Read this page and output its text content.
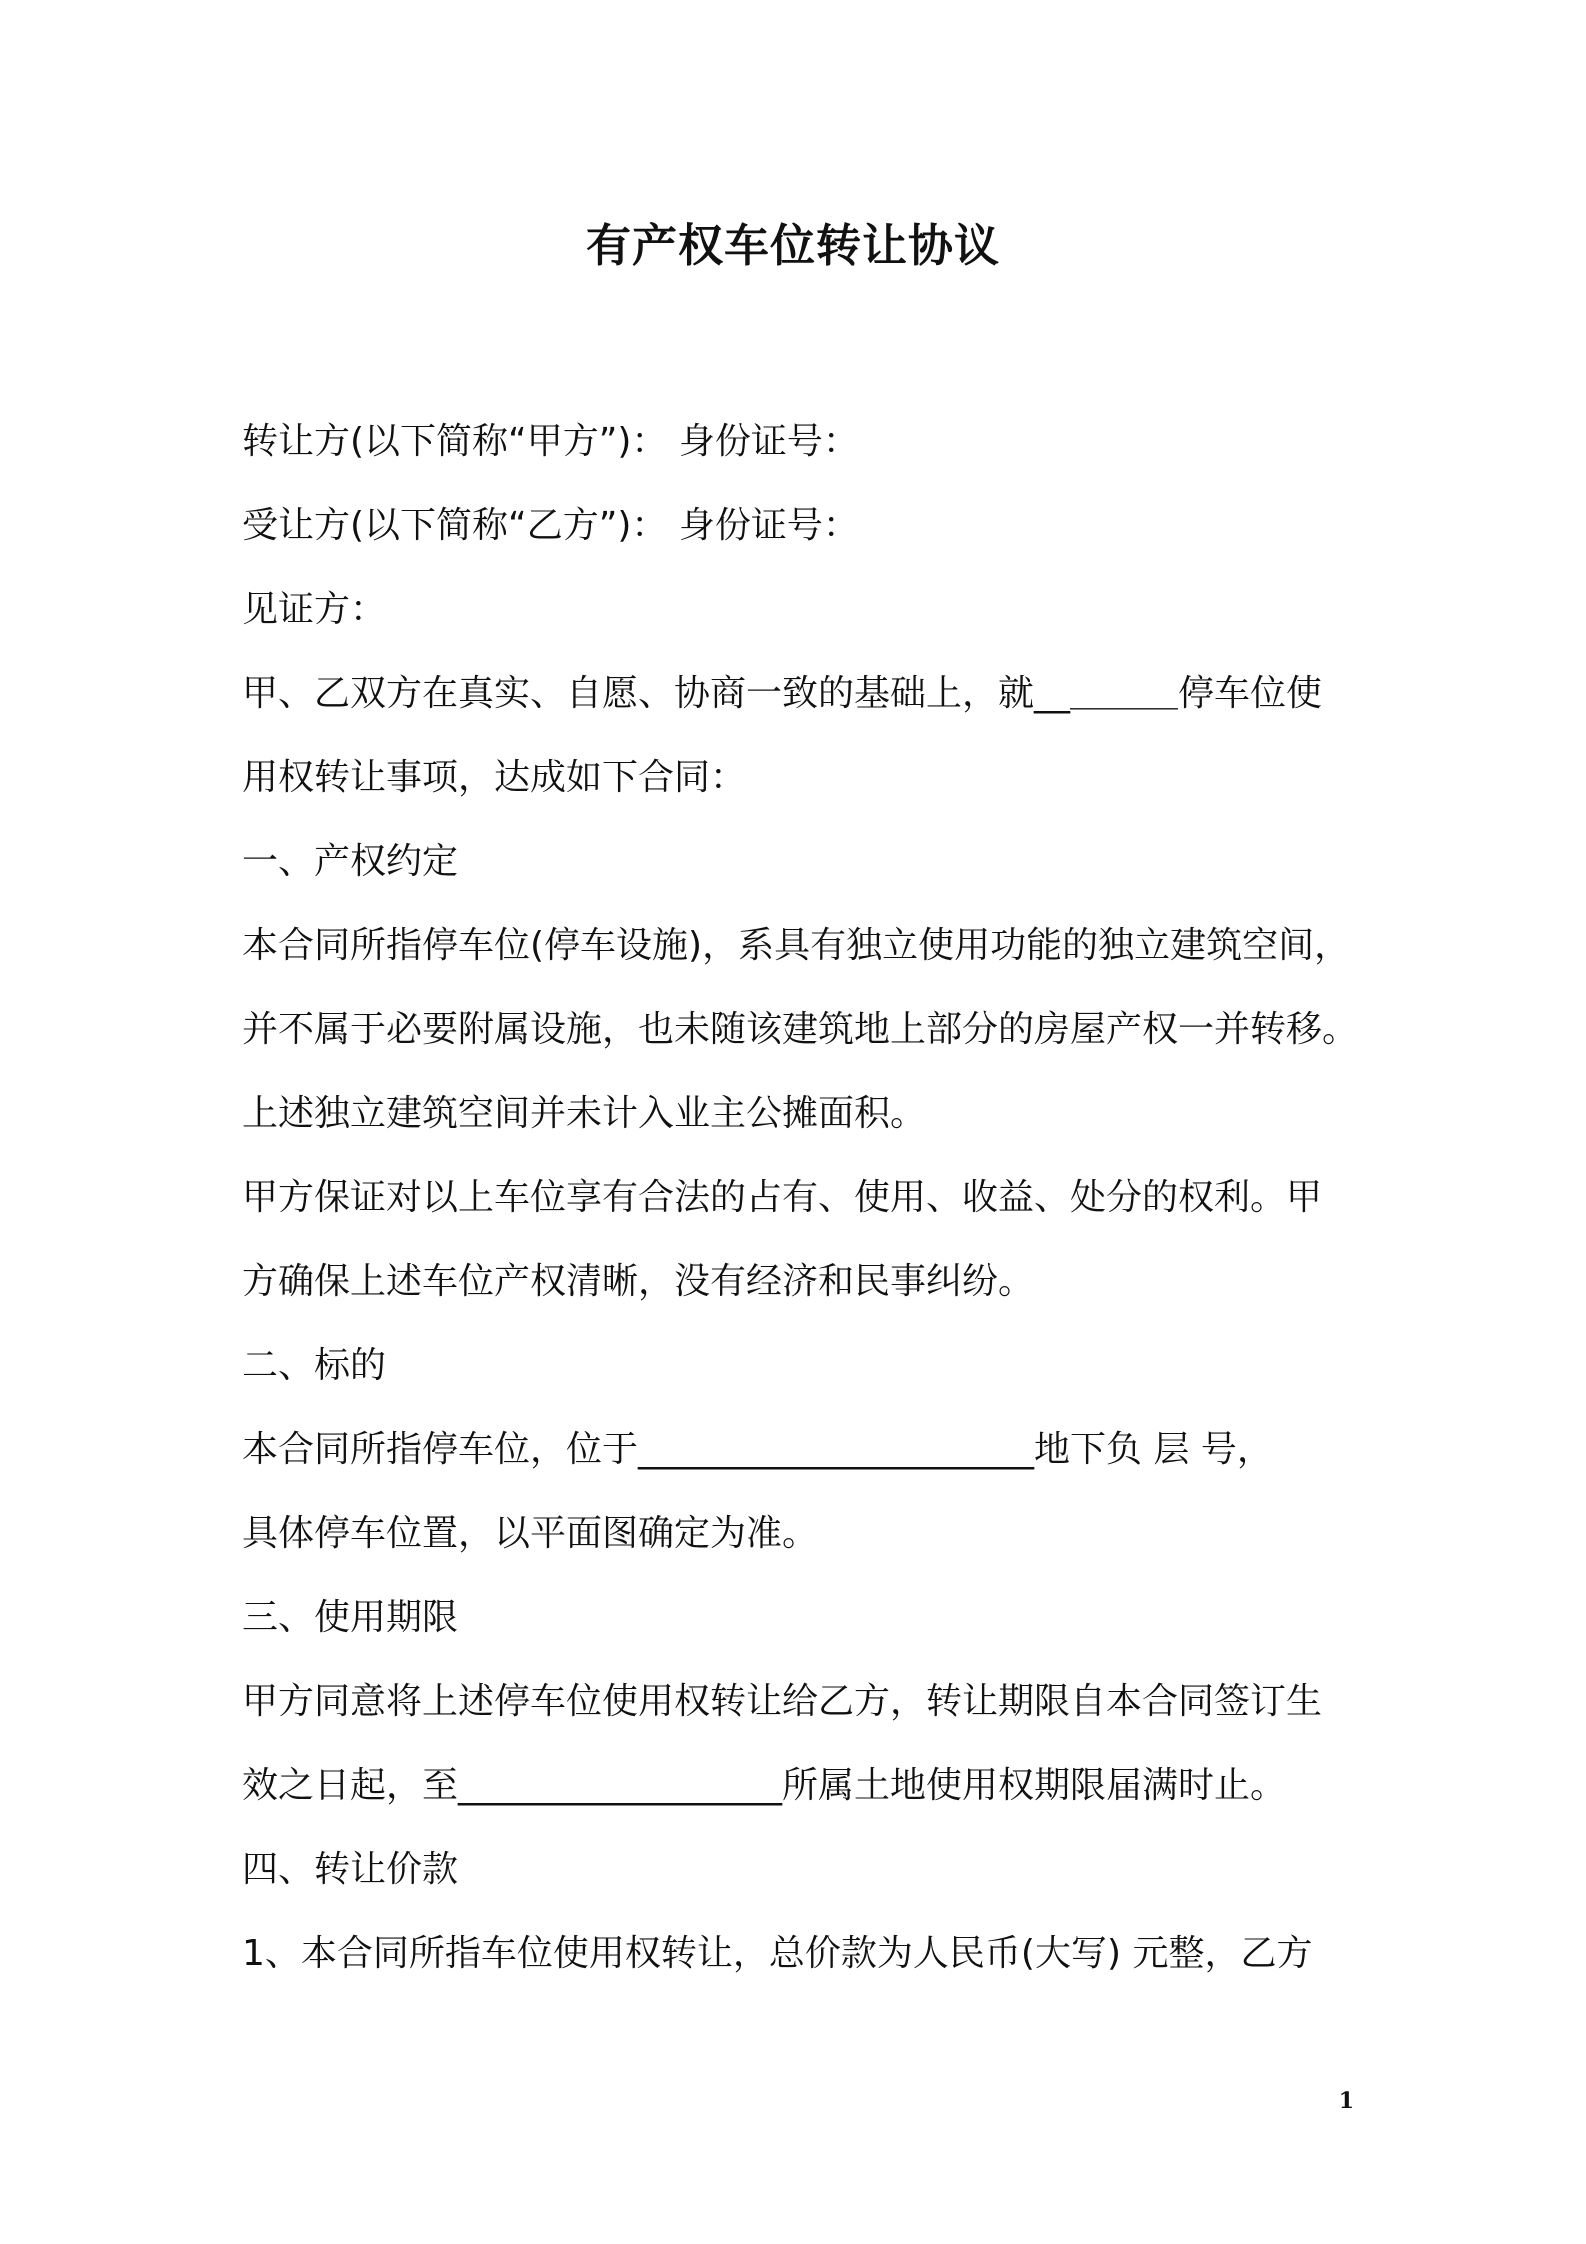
有产权车位转让协议

转让方(以下简称“甲方”)： 身份证号：

受让方(以下简称“乙方”)： 身份证号：

见证方：

甲、乙双方在真实、自愿、协商一致的基础上，就__＿＿＿停车位使

用权转让事项，达成如下合同：

一、产权约定

本合同所指停车位(停车设施)，系具有独立使用功能的独立建筑空间，

并不属于必要附属设施，也未随该建筑地上部分的房屋产权一并转移。

上述独立建筑空间并未计入业主公摊面积。

甲方保证对以上车位享有合法的占有、使用、收益、处分的权利。甲

方确保上述车位产权清晰，没有经济和民事纠纷。

二、标的

本合同所指停车位，位于______________________地下负 层 号，

具体停车位置，以平面图确定为准。

三、使用期限

甲方同意将上述停车位使用权转让给乙方，转让期限自本合同签订生

效之日起，至__________________所属土地使用权期限届满时止。

四、转让价款

1、本合同所指车位使用权转让，总价款为人民币(大写) 元整，乙方

1
